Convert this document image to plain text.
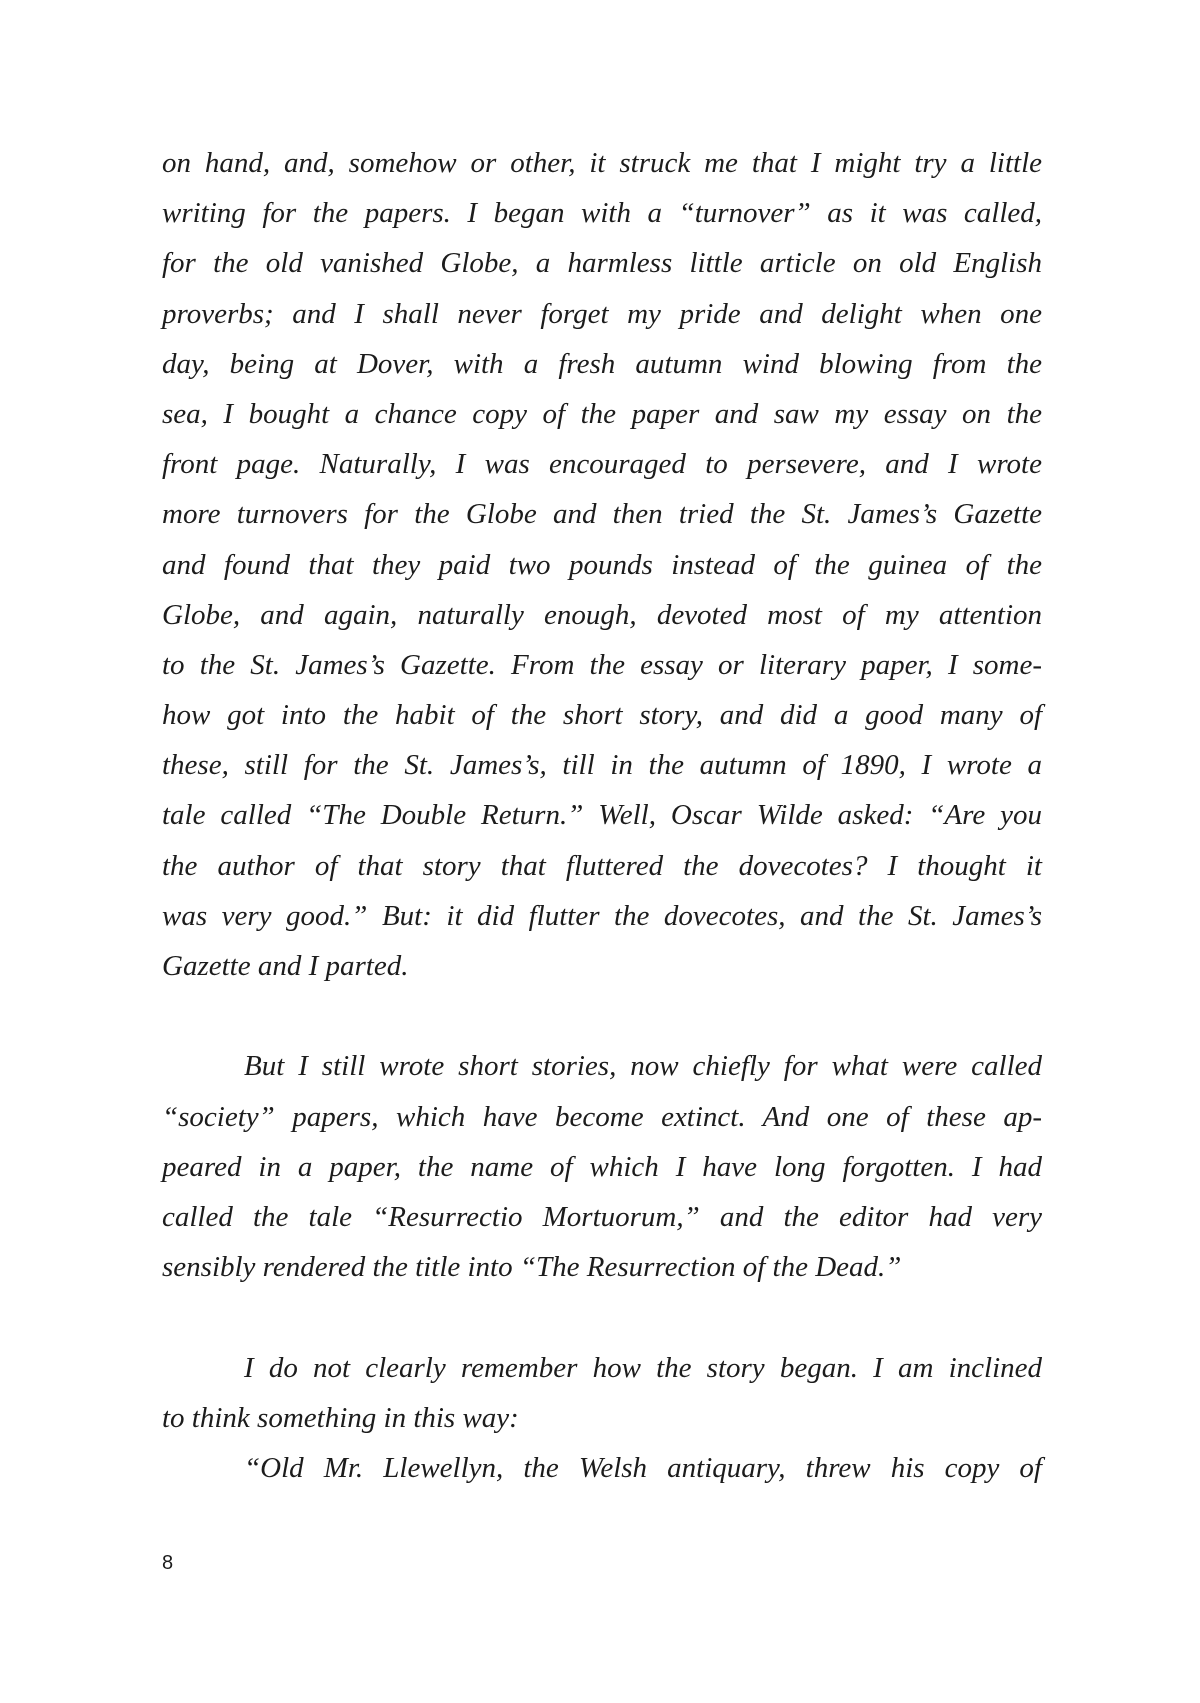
on hand, and, somehow or other, it struck me that I might try a little
writing for the papers. I began with a “turnover” as it was called,
for the old vanished Globe, a harmless little article on old English
proverbs; and I shall never forget my pride and delight when one
day, being at Dover, with a fresh autumn wind blowing from the
sea, I bought a chance copy of the paper and saw my essay on the
front page. Naturally, I was encouraged to persevere, and I wrote
more turnovers for the Globe and then tried the St. James’s Gazette
and found that they paid two pounds instead of the guinea of the
Globe, and again, naturally enough, devoted most of my attention
to the St. James’s Gazette. From the essay or literary paper, I some-
how got into the habit of the short story, and did a good many of
these, still for the St. James’s, till in the autumn of 1890, I wrote a
tale called “The Double Return.” Well, Oscar Wilde asked: “Are you
the author of that story that fluttered the dovecotes? I thought it
was very good.” But: it did flutter the dovecotes, and the St. James’s
Gazette and I parted.
But I still wrote short stories, now chiefly for what were called
“society” papers, which have become extinct. And one of these ap-
peared in a paper, the name of which I have long forgotten. I had
called the tale “Resurrectio Mortuorum,” and the editor had very
sensibly rendered the title into “The Resurrection of the Dead.”
I do not clearly remember how the story began. I am inclined
to think something in this way:
“Old Mr. Llewellyn, the Welsh antiquary, threw his copy of
8
